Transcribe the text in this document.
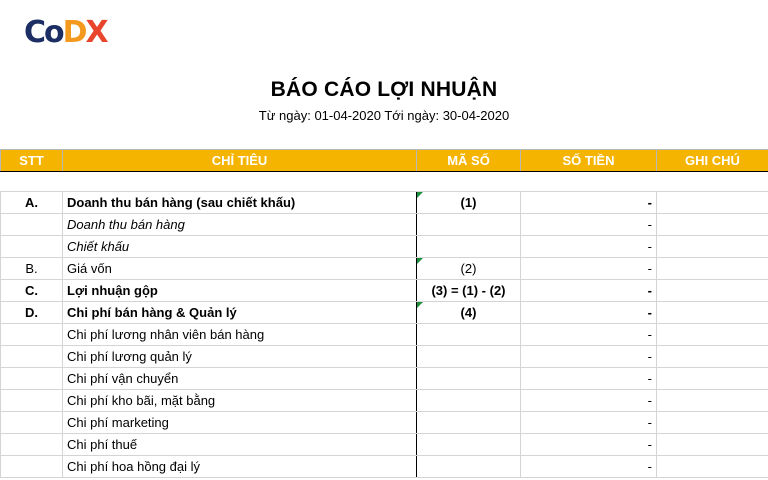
Co D X
BÁO CÁO LỢI NHUẬN
Từ ngày: 01-04-2020 Tới ngày: 30-04-2020
STT	CHỈ TIÊU	MÃ SỐ	SỐ TIỀN	GHI CHÚ

A.	Doanh thu bán hàng (sau chiết khấu)	(1)	-	
	Doanh thu bán hàng		-	
	Chiết khấu		-	
B.	Giá vốn	(2)	-	
C.	Lợi nhuận gộp	(3) = (1) - (2)	-	
D.	Chi phí bán hàng & Quản lý	(4)	-	
	Chi phí lương nhân viên bán hàng		-	
	Chi phí lương quản lý		-	
	Chi phí vận chuyển		-	
	Chi phí kho bãi, mặt bằng		-	
	Chi phí marketing		-	
	Chi phí thuế		-	
	Chi phí hoa hồng đại lý		-	
